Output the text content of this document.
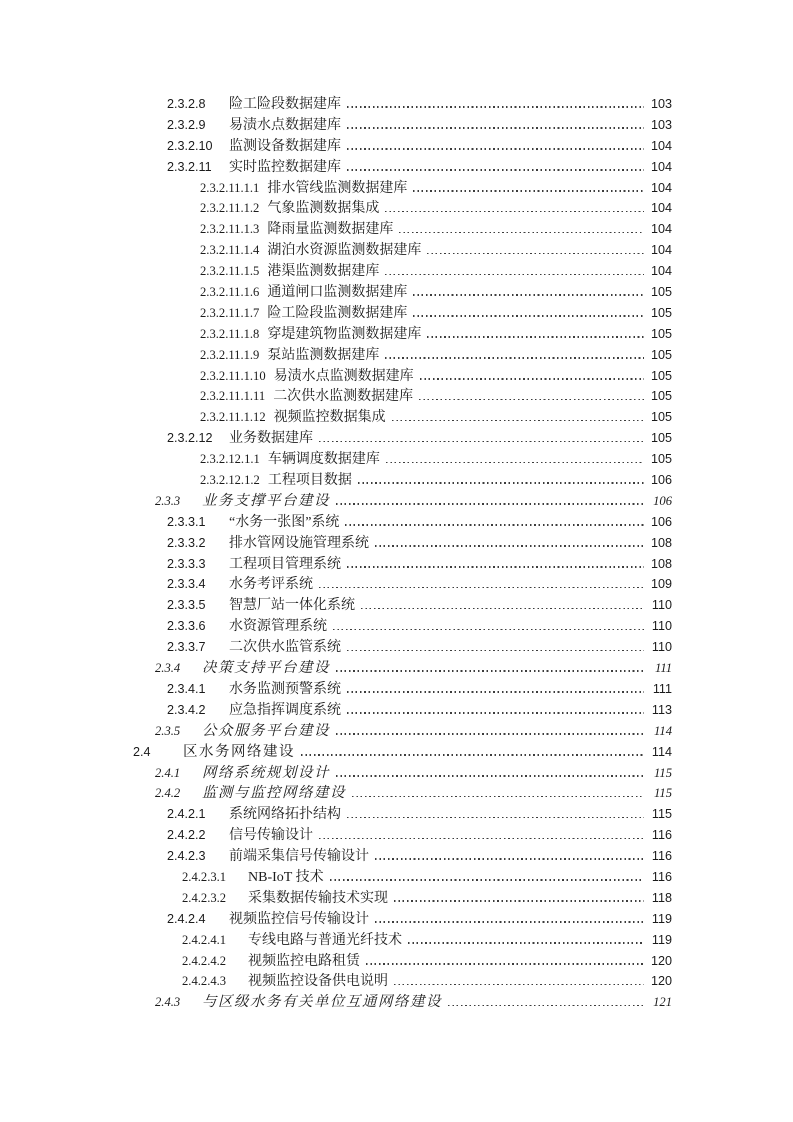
2.3.2.8	险工险段数据建库	103
2.3.2.9	易渍水点数据建库	103
2.3.2.10	监测设备数据建库	104
2.3.2.11	实时监控数据建库	104
2.3.2.11.1.1 排水管线监测数据建库	104
2.3.2.11.1.2 气象监测数据集成	104
2.3.2.11.1.3 降雨量监测数据建库	104
2.3.2.11.1.4 湖泊水资源监测数据建库	104
2.3.2.11.1.5 港渠监测数据建库	104
2.3.2.11.1.6 通道闸口监测数据建库	105
2.3.2.11.1.7 险工险段监测数据建库	105
2.3.2.11.1.8 穿堤建筑物监测数据建库	105
2.3.2.11.1.9 泵站监测数据建库	105
2.3.2.11.1.10 易渍水点监测数据建库	105
2.3.2.11.1.11 二次供水监测数据建库	105
2.3.2.11.1.12 视频监控数据集成	105
2.3.2.12	业务数据建库	105
2.3.2.12.1.1 车辆调度数据建库	105
2.3.2.12.1.2 工程项目数据	106
2.3.3	业务支撑平台建设	106
2.3.3.1	“水务一张图”系统	106
2.3.3.2	排水管网设施管理系统	108
2.3.3.3	工程项目管理系统	108
2.3.3.4	水务考评系统	109
2.3.3.5	智慧厂站一体化系统	110
2.3.3.6	水资源管理系统	110
2.3.3.7	二次供水监管系统	110
2.3.4	决策支持平台建设	111
2.3.4.1	水务监测预警系统	111
2.3.4.2	应急指挥调度系统	113
2.3.5	公众服务平台建设	114
2.4	区水务网络建设	114
2.4.1	网络系统规划设计	115
2.4.2	监测与监控网络建设	115
2.4.2.1	系统网络拓扑结构	115
2.4.2.2	信号传输设计	116
2.4.2.3	前端采集信号传输设计	116
2.4.2.3.1	NB-IoT 技术	116
2.4.2.3.2	采集数据传输技术实现	118
2.4.2.4	视频监控信号传输设计	119
2.4.2.4.1	专线电路与普通光纤技术	119
2.4.2.4.2	视频监控电路租赁	120
2.4.2.4.3	视频监控设备供电说明	120
2.4.3	与区级水务有关单位互通网络建设	121
